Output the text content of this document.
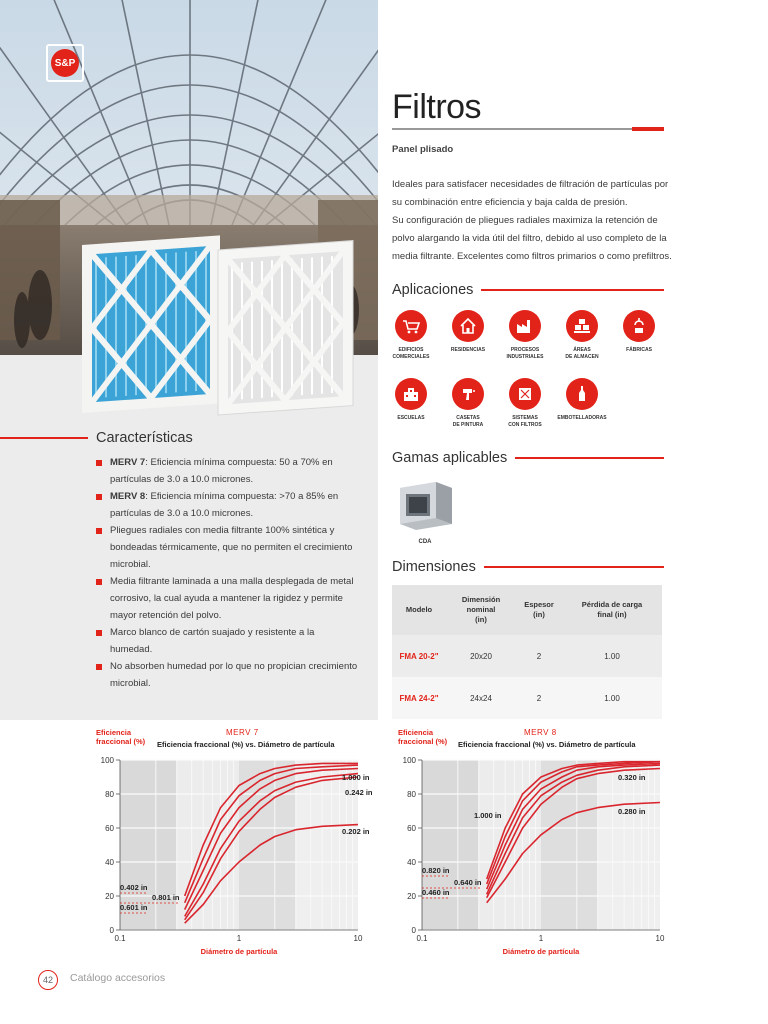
S&P
Filtros
Panel plisado

Ideales para satisfacer necesidades de filtración de partículas por su combinación entre eficiencia y baja calda de presión.

Su configuración de pliegues radiales maximiza la retención de polvo alargando la vida útil del filtro, debido al uso completo de la media filtrante. Excelentes como filtros primarios o como prefiltros.

Aplicaciones
EDIFICIOS
COMERCIALES
RESIDENCIAS	PROCESOS
INDUSTRIALES
ÁREAS
DE ALMACEN
FÁBRICAS
ESCUELAS	CASETAS
DE PINTURA
SISTEMAS
CON FILTROS
EMBOTELLADORAS
Gamas aplicables
CDA
Dimensiones
Modelo	Dimensión
nominal
(in)	Espesor
(in)	Pérdida de carga
final (in)
FMA 20-2"	20x20	2	1.00
FMA 24-2"	24x24	2	1.00
Características
MERV 7: Eficiencia mínima compuesta: 50 a 70% en partículas de 3.0 a 10.0 micrones.
MERV 8: Eficiencia mínima compuesta: >70 a 85% en partículas de 3.0 a 10.0 micrones.
Pliegues radiales con media filtrante 100% sintética y bondeadas térmicamente, que no permiten el crecimiento microbial.
Media filtrante laminada a una malla desplegada de metal corrosivo, la cual ayuda a mantener la rigidez y permite mayor retención del polvo.
Marco blanco de cartón suajado y resistente a la humedad.
No absorben humedad por lo que no propician crecimiento microbial.
Eficiencia
fraccional (%)
MERV 7
Eficiencia fraccional (%) vs. Diámetro de partícula
0
20
40
60
80
100
0.1	1	10
Diámetro de partícula
1.000 in
0.242 in
0.202 in
0.402 in
0.801 in
0.601 in
Eficiencia
fraccional (%)
MERV 8
Eficiencia fraccional (%) vs. Diámetro de partícula
0
20
40
60
80
100
0.1	1	10
Diámetro de partícula
0.320 in
1.000 in	0.280 in
0.820 in
0.640 in
0.460 in
42	Catálogo accesorios
